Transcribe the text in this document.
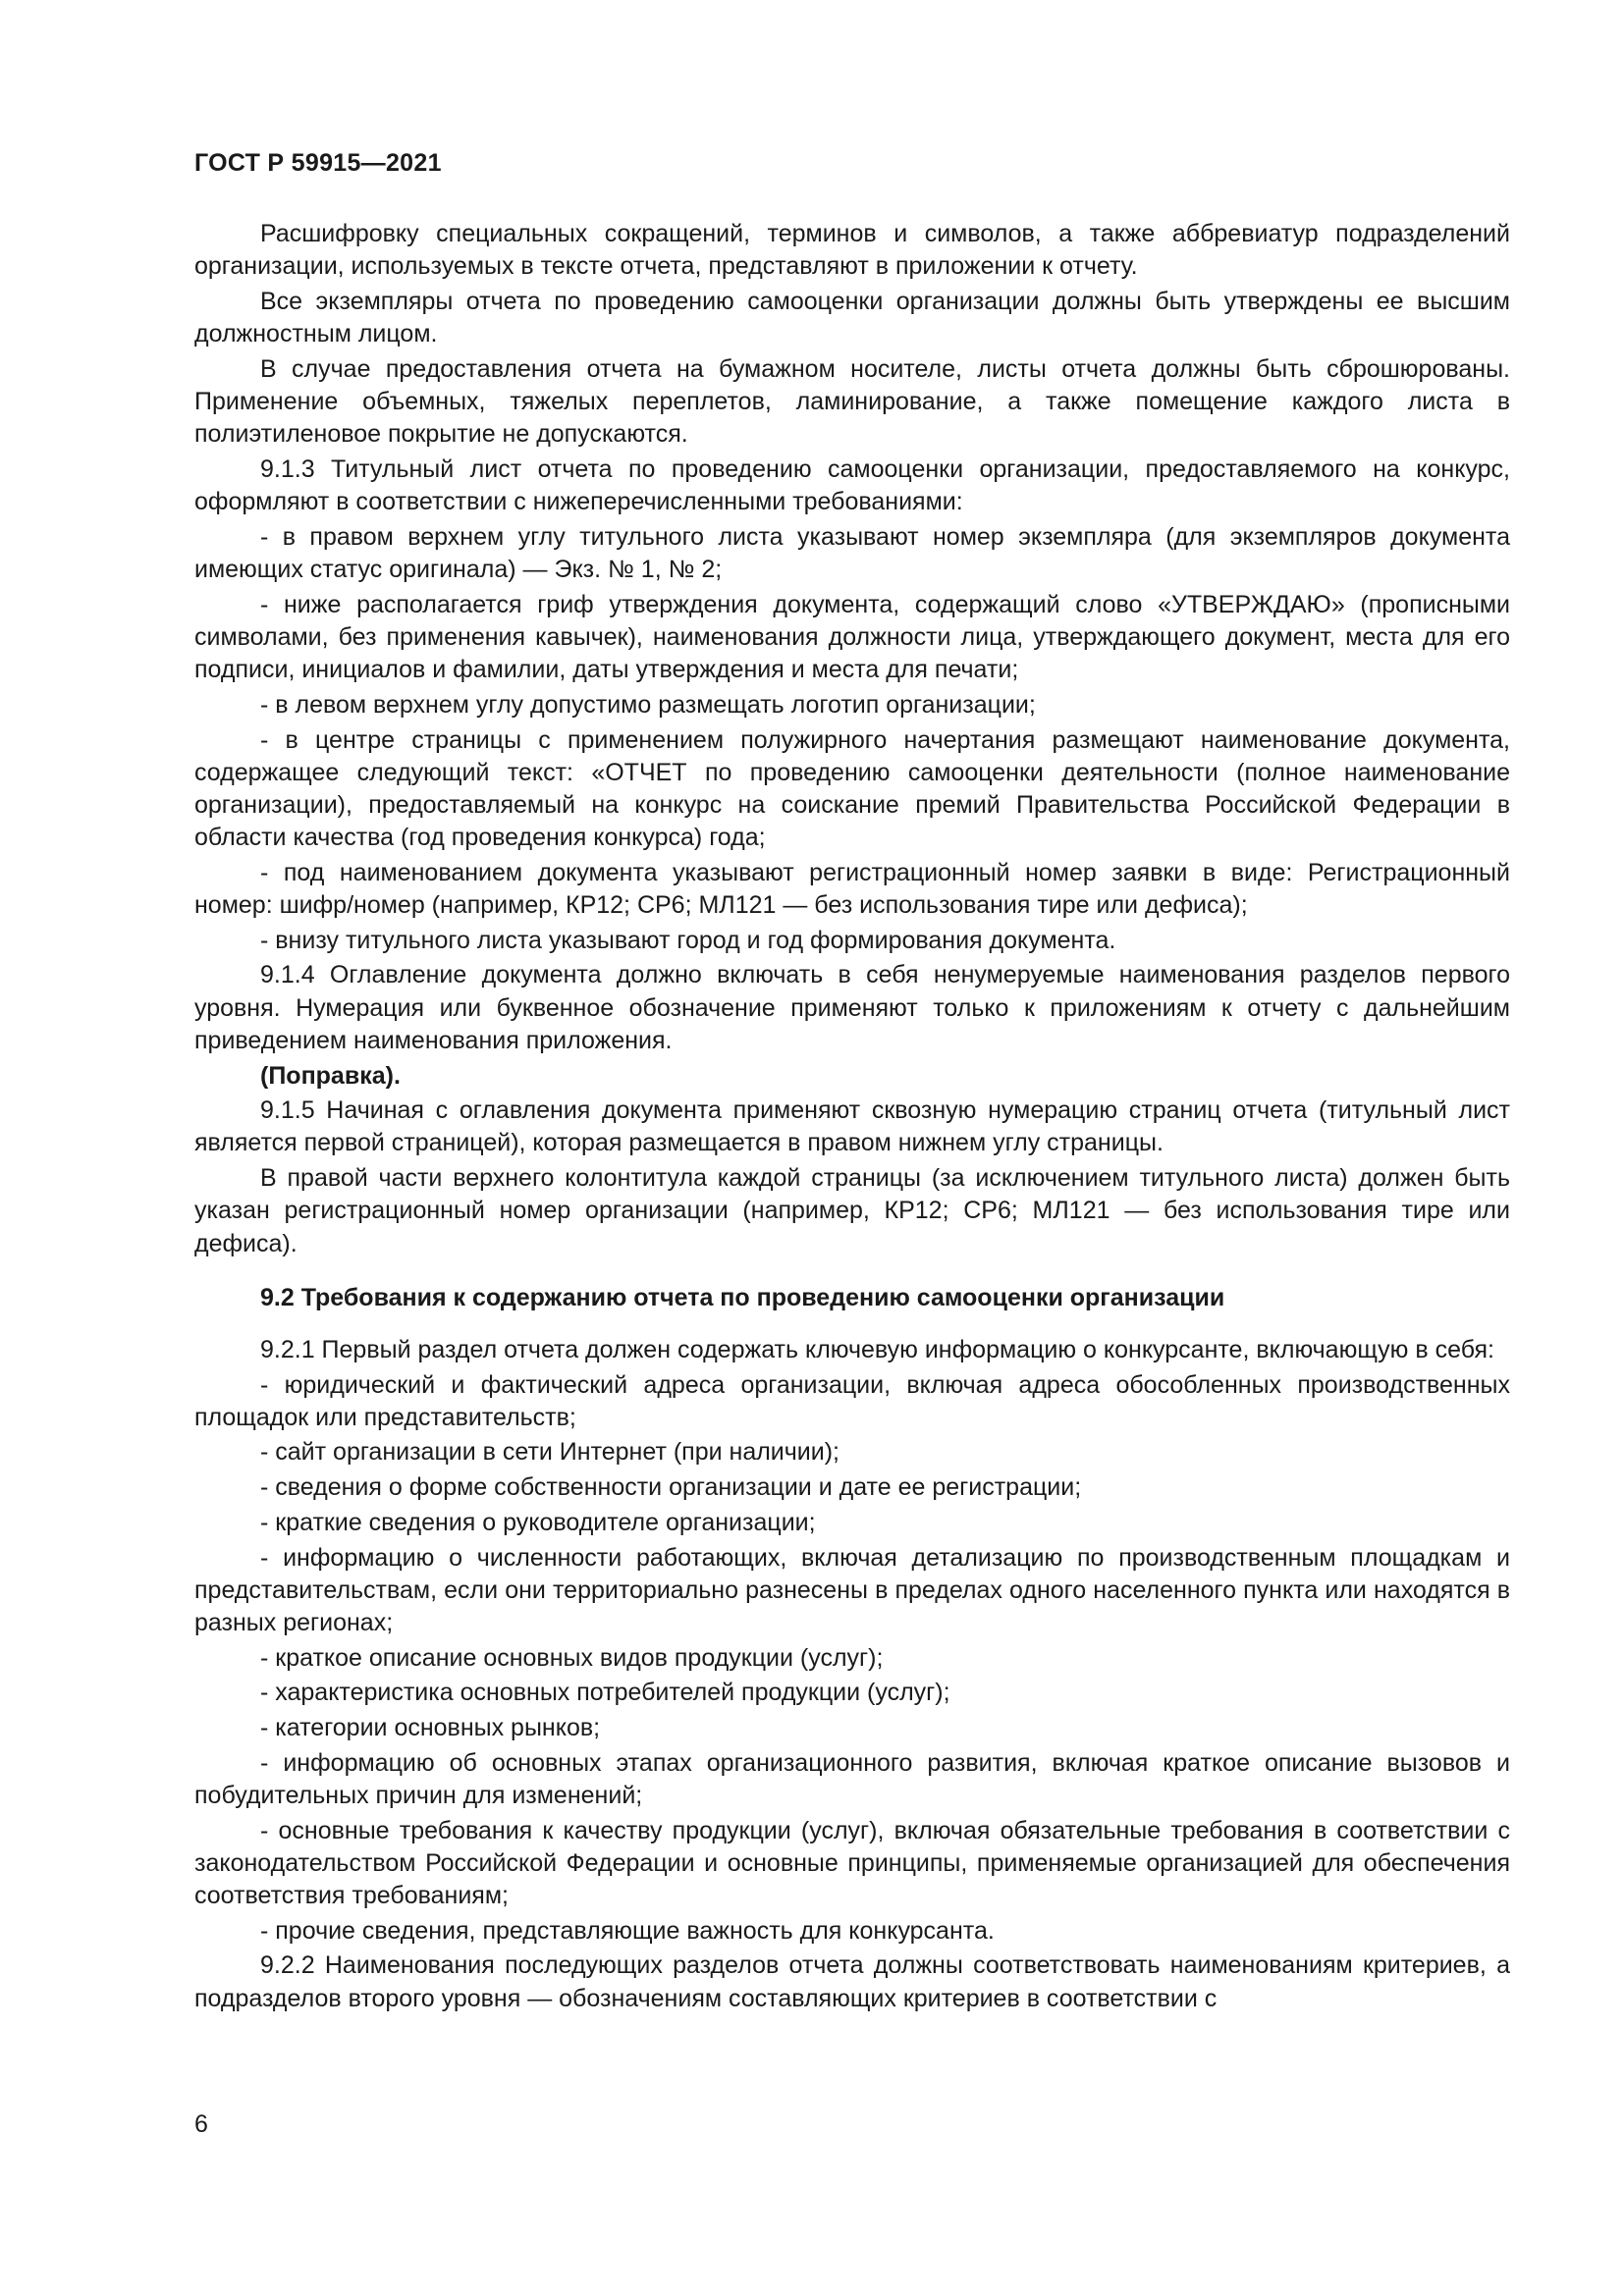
ГОСТ Р 59915—2021

Расшифровку специальных сокращений, терминов и символов, а также аббревиатур подразделений организации, используемых в тексте отчета, представляют в приложении к отчету.

Все экземпляры отчета по проведению самооценки организации должны быть утверждены ее высшим должностным лицом.

В случае предоставления отчета на бумажном носителе, листы отчета должны быть сброшюрованы. Применение объемных, тяжелых переплетов, ламинирование, а также помещение каждого листа в полиэтиленовое покрытие не допускаются.

9.1.3 Титульный лист отчета по проведению самооценки организации, предоставляемого на конкурс, оформляют в соответствии с нижеперечисленными требованиями:

- в правом верхнем углу титульного листа указывают номер экземпляра (для экземпляров документа имеющих статус оригинала) — Экз. № 1, № 2;

- ниже располагается гриф утверждения документа, содержащий слово «УТВЕРЖДАЮ» (прописными символами, без применения кавычек), наименования должности лица, утверждающего документ, места для его подписи, инициалов и фамилии, даты утверждения и места для печати;

- в левом верхнем углу допустимо размещать логотип организации;

- в центре страницы с применением полужирного начертания размещают наименование документа, содержащее следующий текст: «ОТЧЕТ по проведению самооценки деятельности (полное наименование организации), предоставляемый на конкурс на соискание премий Правительства Российской Федерации в области качества (год проведения конкурса) года;

- под наименованием документа указывают регистрационный номер заявки в виде: Регистрационный номер: шифр/номер (например, КР12; СР6; МЛ121 — без использования тире или дефиса);

- внизу титульного листа указывают город и год формирования документа.

9.1.4 Оглавление документа должно включать в себя ненумеруемые наименования разделов первого уровня. Нумерация или буквенное обозначение применяют только к приложениям к отчету с дальнейшим приведением наименования приложения.

(Поправка).

9.1.5 Начиная с оглавления документа применяют сквозную нумерацию страниц отчета (титульный лист является первой страницей), которая размещается в правом нижнем углу страницы.

В правой части верхнего колонтитула каждой страницы (за исключением титульного листа) должен быть указан регистрационный номер организации (например, КР12; СР6; МЛ121 — без использования тире или дефиса).

9.2 Требования к содержанию отчета по проведению самооценки организации

9.2.1 Первый раздел отчета должен содержать ключевую информацию о конкурсанте, включающую в себя:

- юридический и фактический адреса организации, включая адреса обособленных производственных площадок или представительств;

- сайт организации в сети Интернет (при наличии);

- сведения о форме собственности организации и дате ее регистрации;

- краткие сведения о руководителе организации;

- информацию о численности работающих, включая детализацию по производственным площадкам и представительствам, если они территориально разнесены в пределах одного населенного пункта или находятся в разных регионах;

- краткое описание основных видов продукции (услуг);

- характеристика основных потребителей продукции (услуг);

- категории основных рынков;

- информацию об основных этапах организационного развития, включая краткое описание вызовов и побудительных причин для изменений;

- основные требования к качеству продукции (услуг), включая обязательные требования в соответствии с законодательством Российской Федерации и основные принципы, применяемые организацией для обеспечения соответствия требованиям;

- прочие сведения, представляющие важность для конкурсанта.

9.2.2 Наименования последующих разделов отчета должны соответствовать наименованиям критериев, а подразделов второго уровня — обозначениям составляющих критериев в соответствии с

6
